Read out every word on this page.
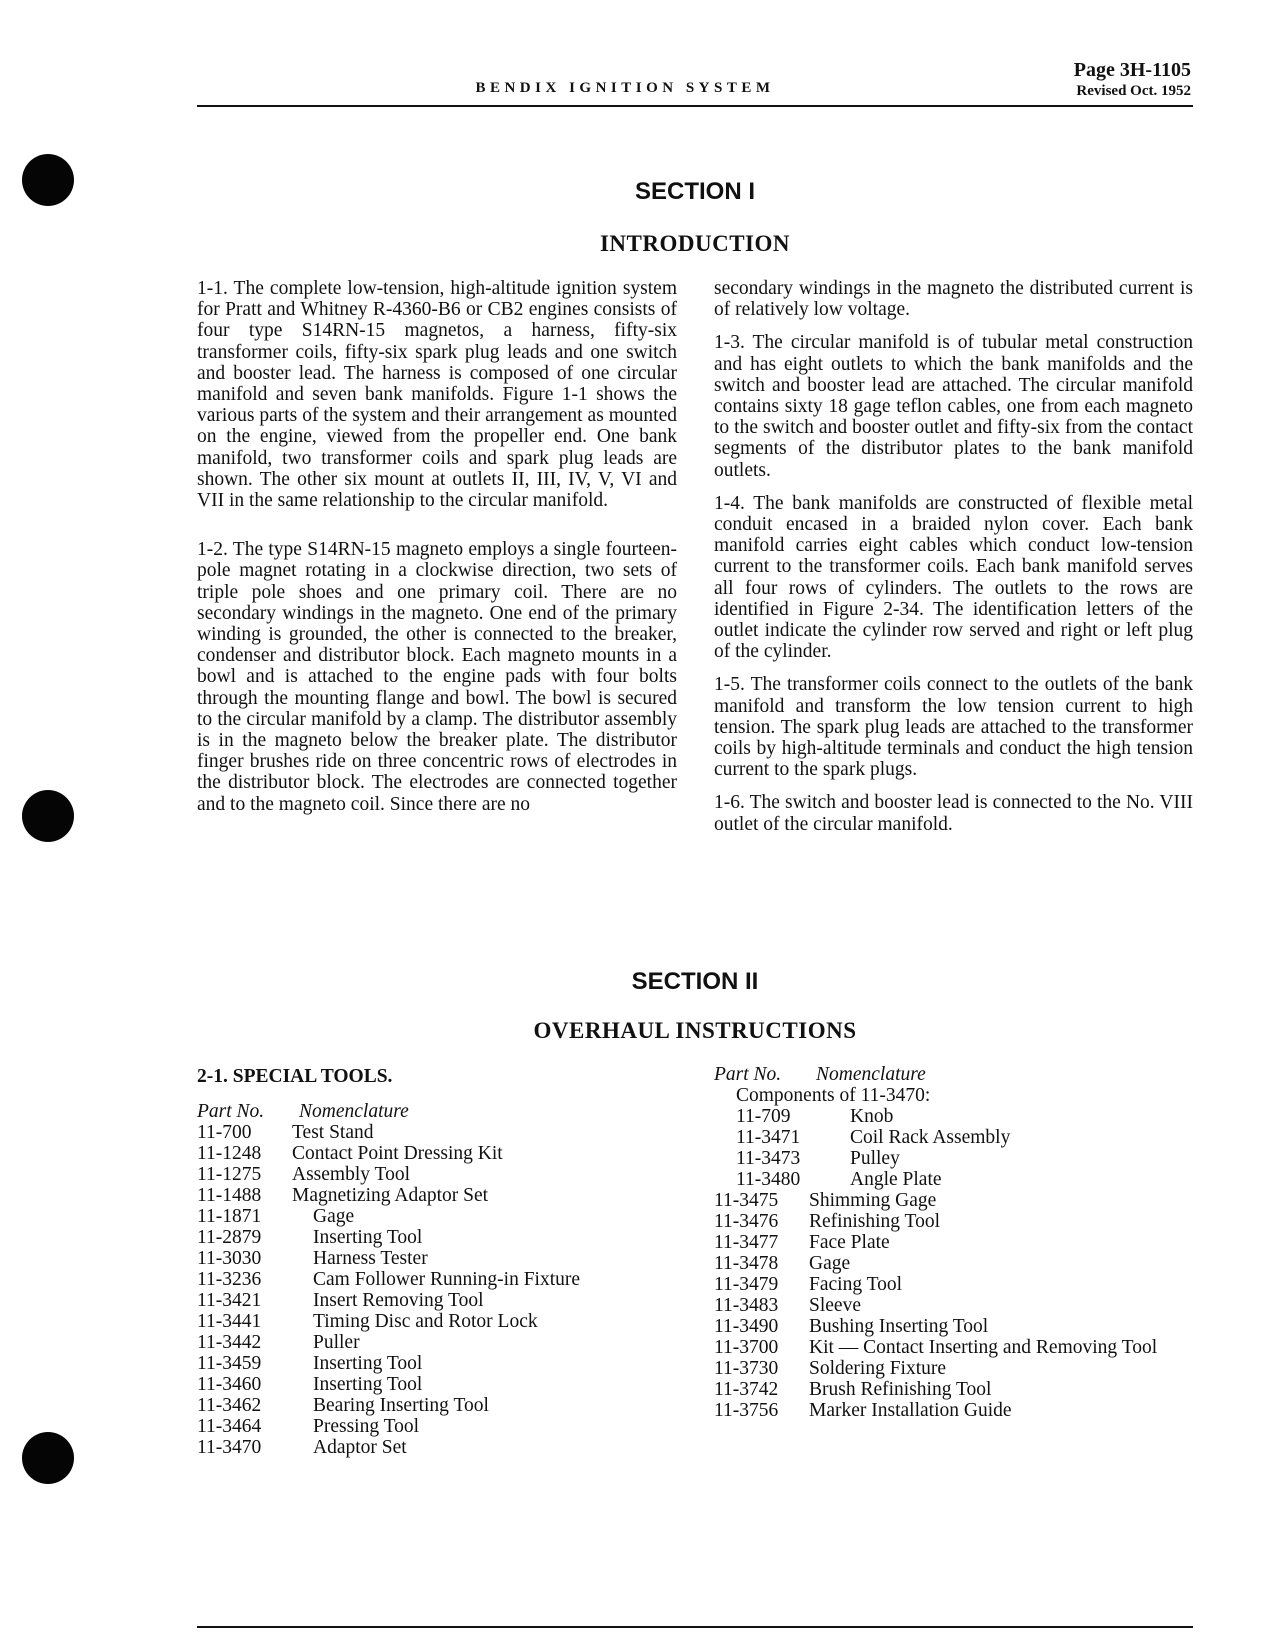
BENDIX IGNITION SYSTEM
Page 3H-1105
Revised Oct. 1952
SECTION I
INTRODUCTION

1-1. The complete low-tension, high-altitude ignition system for Pratt and Whitney R-4360-B6 or CB2 engines consists of four type S14RN-15 magnetos, a harness, fifty-six transformer coils, fifty-six spark plug leads and one switch and booster lead. The harness is composed of one circular manifold and seven bank manifolds. Figure 1-1 shows the various parts of the system and their arrangement as mounted on the engine, viewed from the propeller end. One bank manifold, two transformer coils and spark plug leads are shown. The other six mount at outlets II, III, IV, V, VI and VII in the same relationship to the circular manifold.

1-2. The type S14RN-15 magneto employs a single fourteen-pole magnet rotating in a clockwise direction, two sets of triple pole shoes and one primary coil. There are no secondary windings in the magneto. One end of the primary winding is grounded, the other is connected to the breaker, condenser and distributor block. Each magneto mounts in a bowl and is attached to the engine pads with four bolts through the mounting flange and bowl. The bowl is secured to the circular manifold by a clamp. The distributor assembly is in the magneto below the breaker plate. The distributor finger brushes ride on three concentric rows of electrodes in the distributor block. The electrodes are connected together and to the magneto coil. Since there are no

secondary windings in the magneto the distributed current is of relatively low voltage.

1-3. The circular manifold is of tubular metal construction and has eight outlets to which the bank manifolds and the switch and booster lead are attached. The circular manifold contains sixty 18 gage teflon cables, one from each magneto to the switch and booster outlet and fifty-six from the contact segments of the distributor plates to the bank manifold outlets.

1-4. The bank manifolds are constructed of flexible metal conduit encased in a braided nylon cover. Each bank manifold carries eight cables which conduct low-tension current to the transformer coils. Each bank manifold serves all four rows of cylinders. The outlets to the rows are identified in Figure 2-34. The identification letters of the outlet indicate the cylinder row served and right or left plug of the cylinder.

1-5. The transformer coils connect to the outlets of the bank manifold and transform the low tension current to high tension. The spark plug leads are attached to the transformer coils by high-altitude terminals and conduct the high tension current to the spark plugs.

1-6. The switch and booster lead is connected to the No. VIII outlet of the circular manifold.

SECTION II
OVERHAUL INSTRUCTIONS
2-1. SPECIAL TOOLS.
Part No.	Nomenclature
11-700	Test Stand
11-1248	Contact Point Dressing Kit
11-1275	Assembly Tool
11-1488	Magnetizing Adaptor Set
11-1871	Gage
11-2879	Inserting Tool
11-3030	Harness Tester
11-3236	Cam Follower Running-in Fixture
11-3421	Insert Removing Tool
11-3441	Timing Disc and Rotor Lock
11-3442	Puller
11-3459	Inserting Tool
11-3460	Inserting Tool
11-3462	Bearing Inserting Tool
11-3464	Pressing Tool
11-3470	Adaptor Set
Part No.	Nomenclature
Components of 11-3470:
11-709	Knob
11-3471	Coil Rack Assembly
11-3473	Pulley
11-3480	Angle Plate
11-3475	Shimming Gage
11-3476	Refinishing Tool
11-3477	Face Plate
11-3478	Gage
11-3479	Facing Tool
11-3483	Sleeve
11-3490	Bushing Inserting Tool
11-3700	Kit — Contact Inserting and Removing Tool
11-3730	Soldering Fixture
11-3742	Brush Refinishing Tool
11-3756	Marker Installation Guide
